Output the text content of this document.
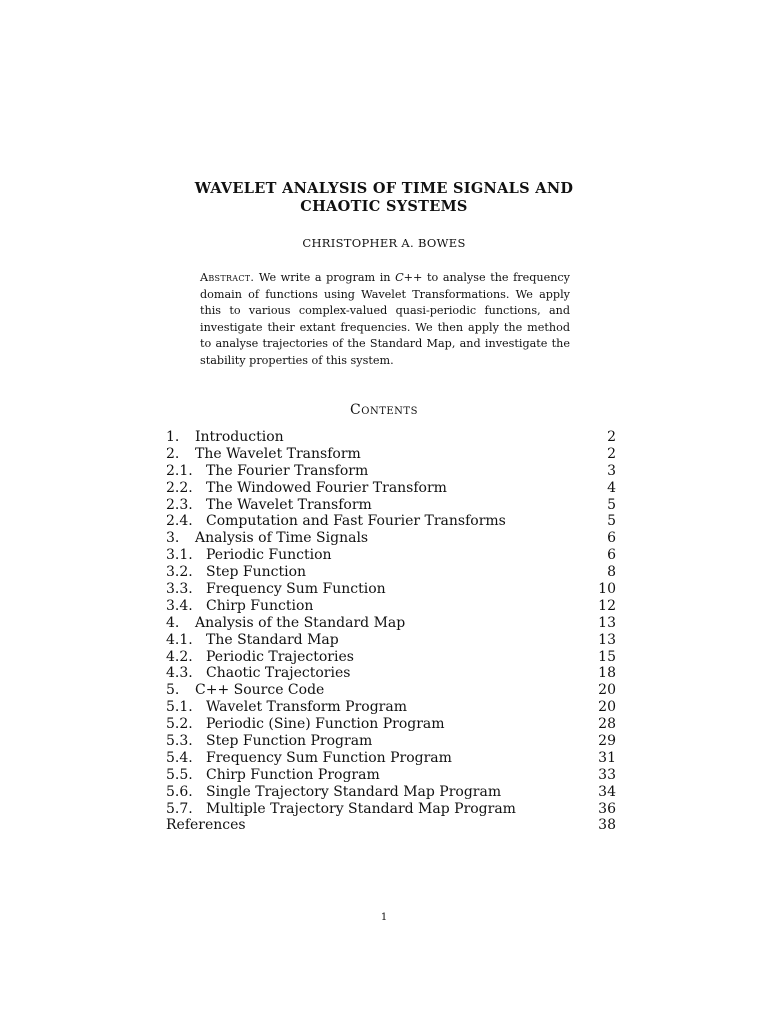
WAVELET ANALYSIS OF TIME SIGNALS AND
CHAOTIC SYSTEMS
CHRISTOPHER A. BOWES
Abstract. We write a program in C++ to analyse the frequency domain of functions using Wavelet Transformations. We apply this to various complex-valued quasi-periodic functions, and investigate their extant frequencies. We then apply the method to analyse trajectories of the Standard Map, and investigate the stability properties of this system.
Contents
1.	Introduction	2
2.	The Wavelet Transform	2
2.1. The Fourier Transform	3
2.2. The Windowed Fourier Transform	4
2.3. The Wavelet Transform	5
2.4. Computation and Fast Fourier Transforms	5
3.	Analysis of Time Signals	6
3.1. Periodic Function	6
3.2. Step Function	8
3.3. Frequency Sum Function	10
3.4. Chirp Function	12
4.	Analysis of the Standard Map	13
4.1. The Standard Map	13
4.2. Periodic Trajectories	15
4.3. Chaotic Trajectories	18
5.	C++ Source Code	20
5.1. Wavelet Transform Program	20
5.2. Periodic (Sine) Function Program	28
5.3. Step Function Program	29
5.4. Frequency Sum Function Program	31
5.5. Chirp Function Program	33
5.6. Single Trajectory Standard Map Program	34
5.7. Multiple Trajectory Standard Map Program	36
References	38
1
